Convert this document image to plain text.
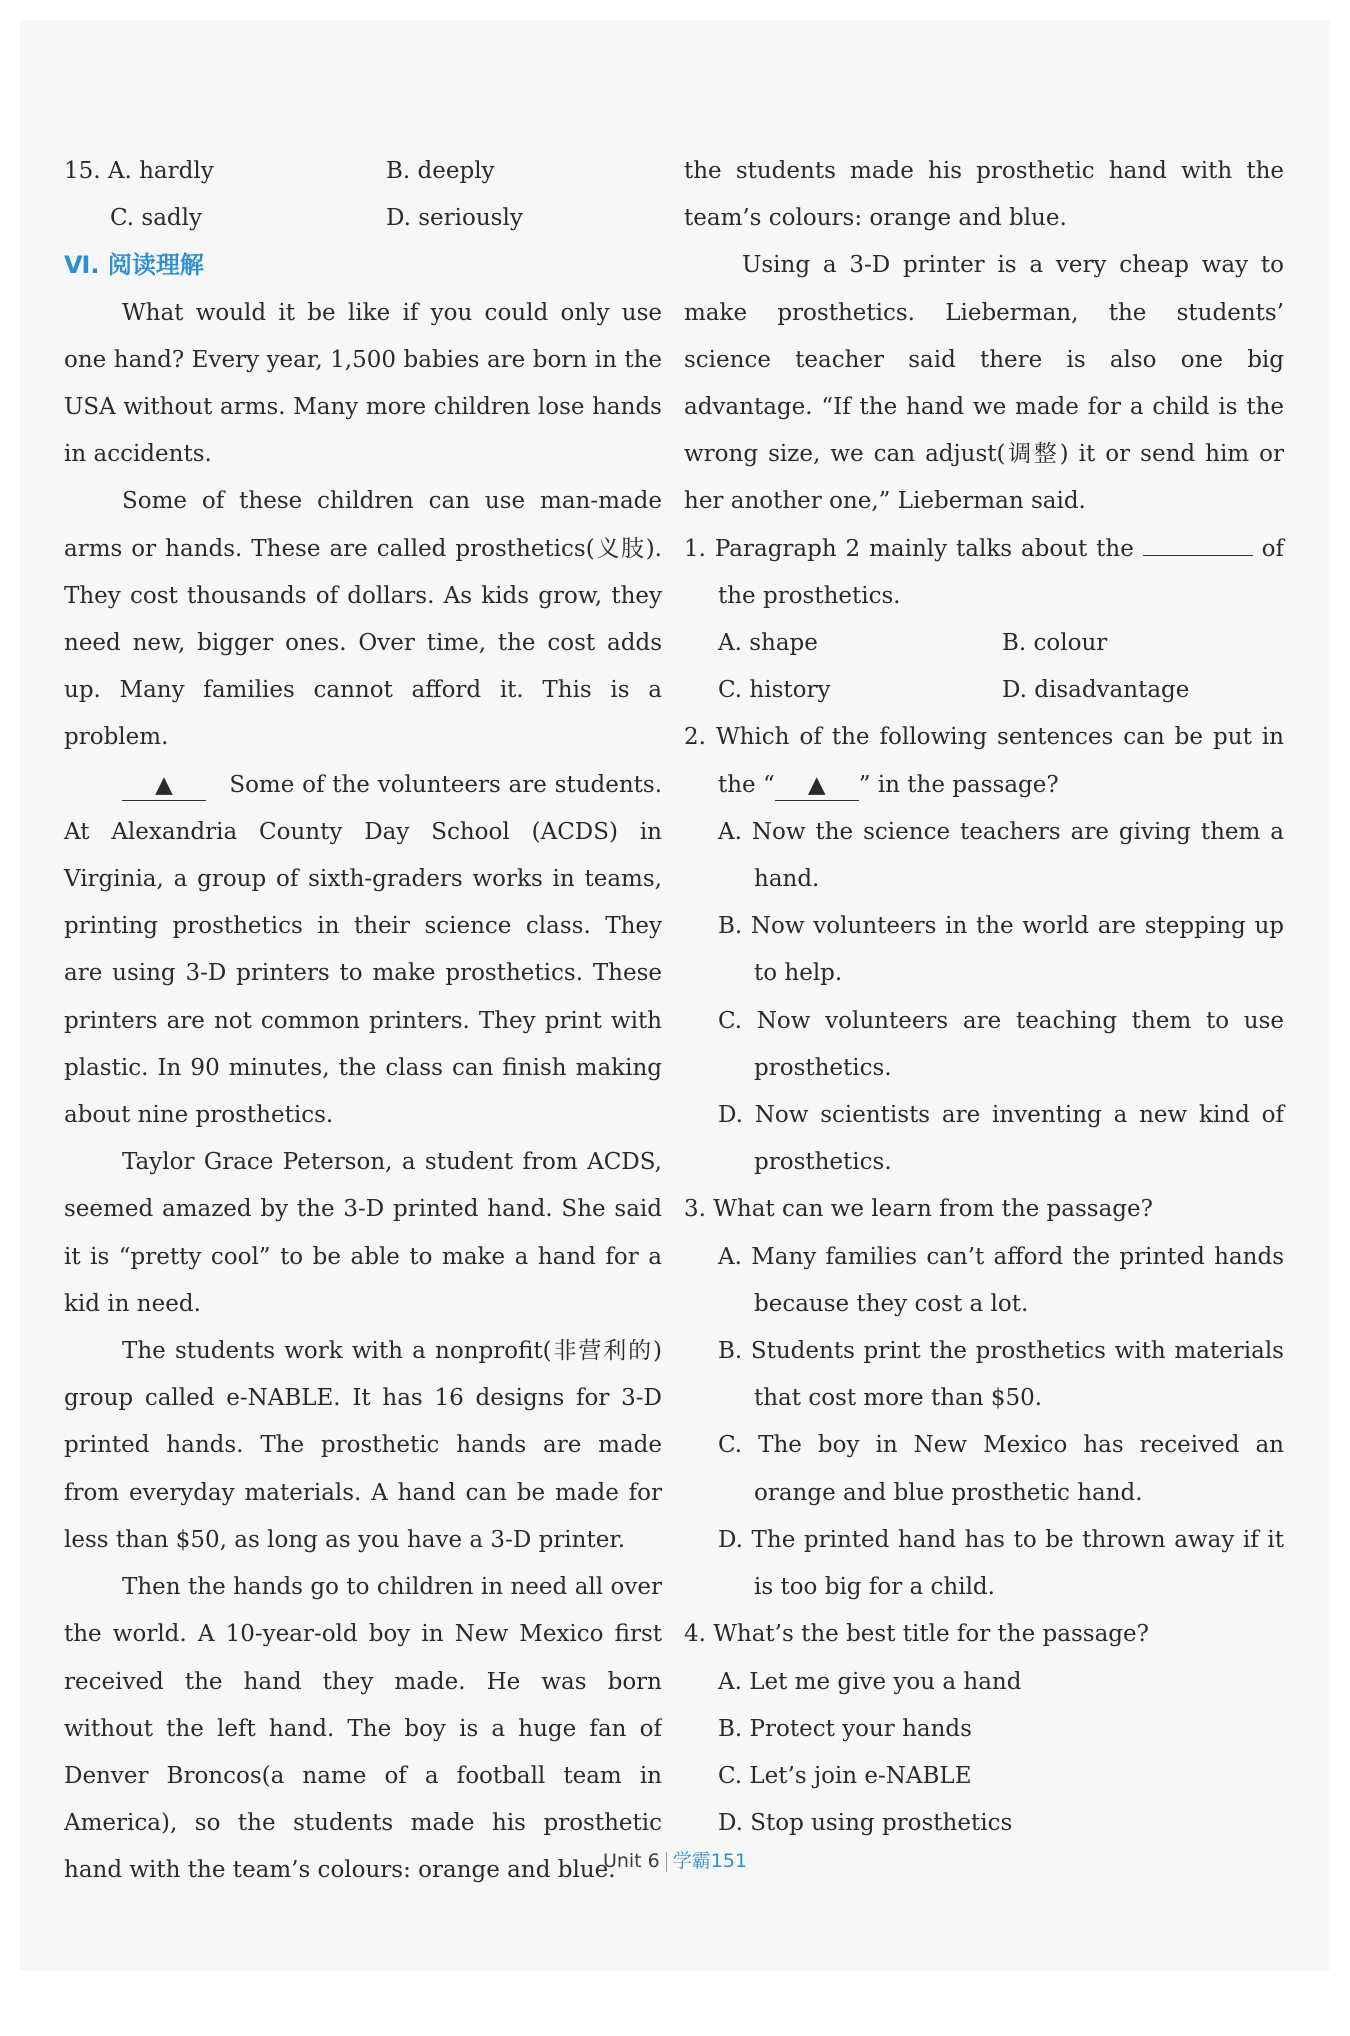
15. A. hardly	B. deeply
C. sadly	D. seriously

Ⅵ. 阅读理解

What would it be like if you could only use one hand? Every year, 1,500 babies are born in the USA without arms. Many more children lose hands in accidents.

Some of these children can use man-made arms or hands. These are called prosthetics(义肢). They cost thousands of dollars. As kids grow, they need new, bigger ones. Over time, the cost adds up. Many families cannot afford it. This is a problem.

▲ Some of the volunteers are students. At Alexandria County Day School (ACDS) in Virginia, a group of sixth-graders works in teams, printing prosthetics in their science class. They are using 3-D printers to make prosthetics. These printers are not common printers. They print with plastic. In 90 minutes, the class can finish making about nine prosthetics.

Taylor Grace Peterson, a student from ACDS, seemed amazed by the 3-D printed hand. She said it is “pretty cool” to be able to make a hand for a kid in need.

The students work with a nonprofit(非营利的) group called e-NABLE. It has 16 designs for 3-D printed hands. The prosthetic hands are made from everyday materials. A hand can be made for less than $50, as long as you have a 3-D printer.

Then the hands go to children in need all over the world. A 10-year-old boy in New Mexico first received the hand they made. He was born without the left hand. The boy is a huge fan of Denver Broncos(a name of a football team in America), so the students made his prosthetic hand with the team’s colours: orange and blue.

the students made his prosthetic hand with the team’s colours: orange and blue.

Using a 3-D printer is a very cheap way to make prosthetics. Lieberman, the students’ science teacher said there is also one big advantage. “If the hand we made for a child is the wrong size, we can adjust(调整) it or send him or her another one,” Lieberman said.

1. Paragraph 2 mainly talks about the	of the prosthetics.

A. shape	B. colour
C. history	D. disadvantage

2. Which of the following sentences can be put in the “ ▲ ” in the passage?

A. Now the science teachers are giving them a hand.

B. Now volunteers in the world are stepping up to help.

C. Now volunteers are teaching them to use prosthetics.

D. Now scientists are inventing a new kind of prosthetics.

3. What can we learn from the passage?

A. Many families can’t afford the printed hands because they cost a lot.

B. Students print the prosthetics with materials that cost more than $50.

C. The boy in New Mexico has received an orange and blue prosthetic hand.

D. The printed hand has to be thrown away if it is too big for a child.

4. What’s the best title for the passage?

A. Let me give you a hand

B. Protect your hands

C. Let’s join e-NABLE

D. Stop using prosthetics

Unit 6 学霸151
